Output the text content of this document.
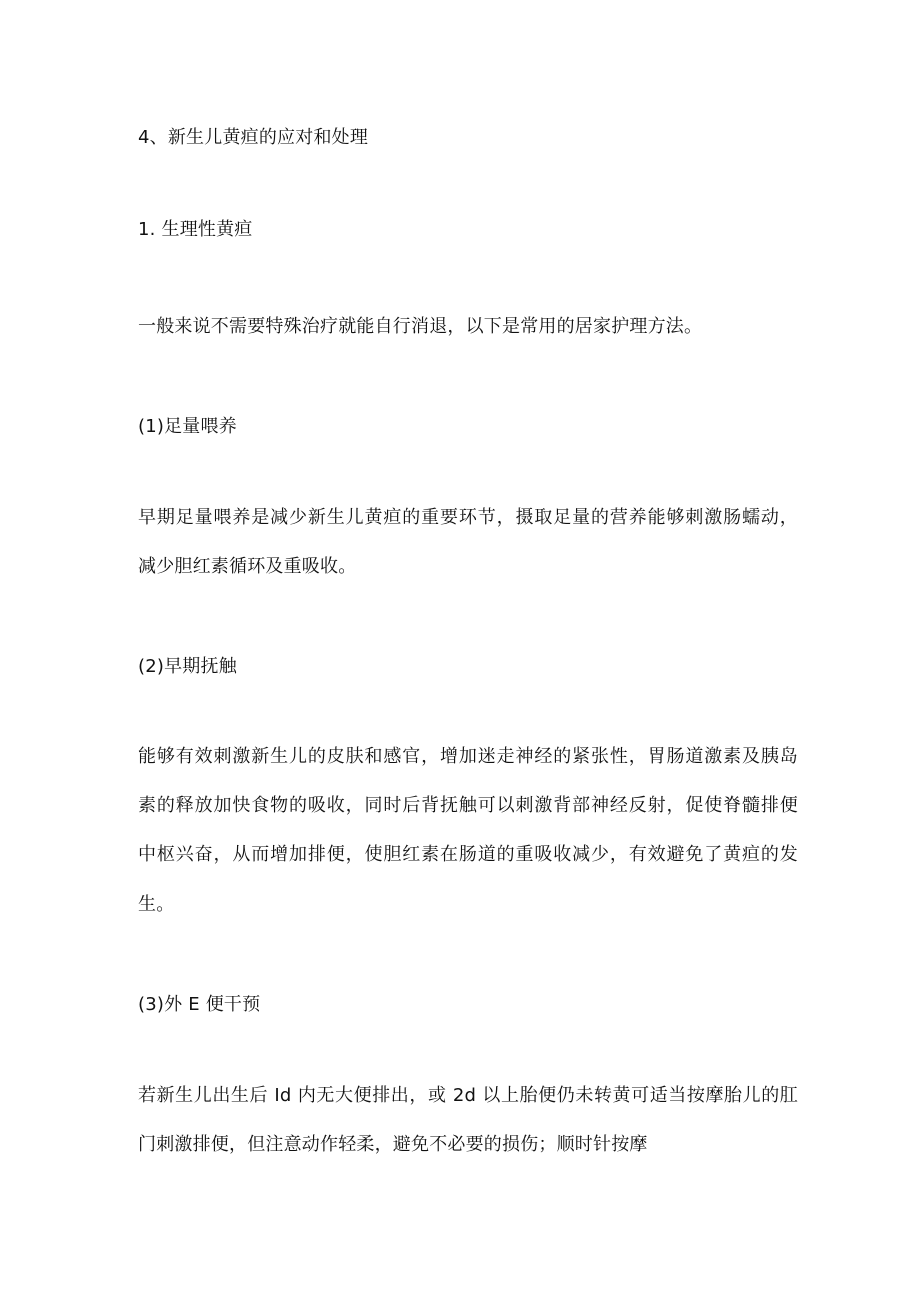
4、新生儿黄疸的应对和处理
1. 生理性黄疸
一般来说不需要特殊治疗就能自行消退，以下是常用的居家护理方法。
(1)足量喂养
早期足量喂养是减少新生儿黄疸的重要环节，摄取足量的营养能够刺激肠蠕动，
减少胆红素循环及重吸收。
(2)早期抚触
能够有效刺激新生儿的皮肤和感官，增加迷走神经的紧张性，胃肠道激素及胰岛
素的释放加快食物的吸收，同时后背抚触可以刺激背部神经反射，促使脊髓排便
中枢兴奋，从而增加排便，使胆红素在肠道的重吸收减少，有效避免了黄疸的发
生。
(3)外 E 便干预
若新生儿出生后 Id 内无大便排出，或 2d 以上胎便仍未转黄可适当按摩胎儿的肛
门刺激排便，但注意动作轻柔，避免不必要的损伤；顺时针按摩
